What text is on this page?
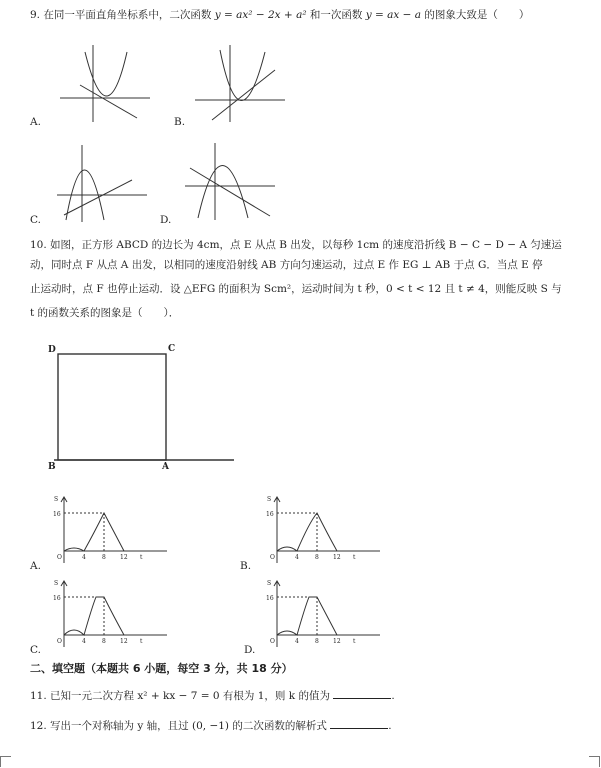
9. 在同一平面直角坐标系中，二次函数 y = ax² − 2x + a² 和一次函数 y = ax − a 的图象大致是（　　）
A.	B.
C.	D.
10. 如图，正方形 ABCD 的边长为 4cm，点 E 从点 B 出发，以每秒 1cm 的速度沿折线 B − C − D − A 匀速运
动，同时点 F 从点 A 出发，以相同的速度沿射线 AB 方向匀速运动，过点 E 作 EG ⊥ AB 于点 G．当点 E 停
止运动时，点 F 也停止运动．设 △EFG 的面积为 Scm²，运动时间为 t 秒，0 < t < 12 且 t ≠ 4，则能反映 S 与
t 的函数关系的图象是（　　）．
D	C
B	A
S
16
O	4	8 12 t
A.
S
16
O	4	8 12 t
B.
S
16
O	4	8 12 t
C.
S
16
O	4	8 12 t
D.
二、填空题（本题共 6 小题，每空 3 分，共 18 分）
11. 已知一元二次方程 x² + kx − 7 = 0 有根为 1，则 k 的值为	.
12. 写出一个对称轴为 y 轴，且过 (0, −1) 的二次函数的解析式	.
